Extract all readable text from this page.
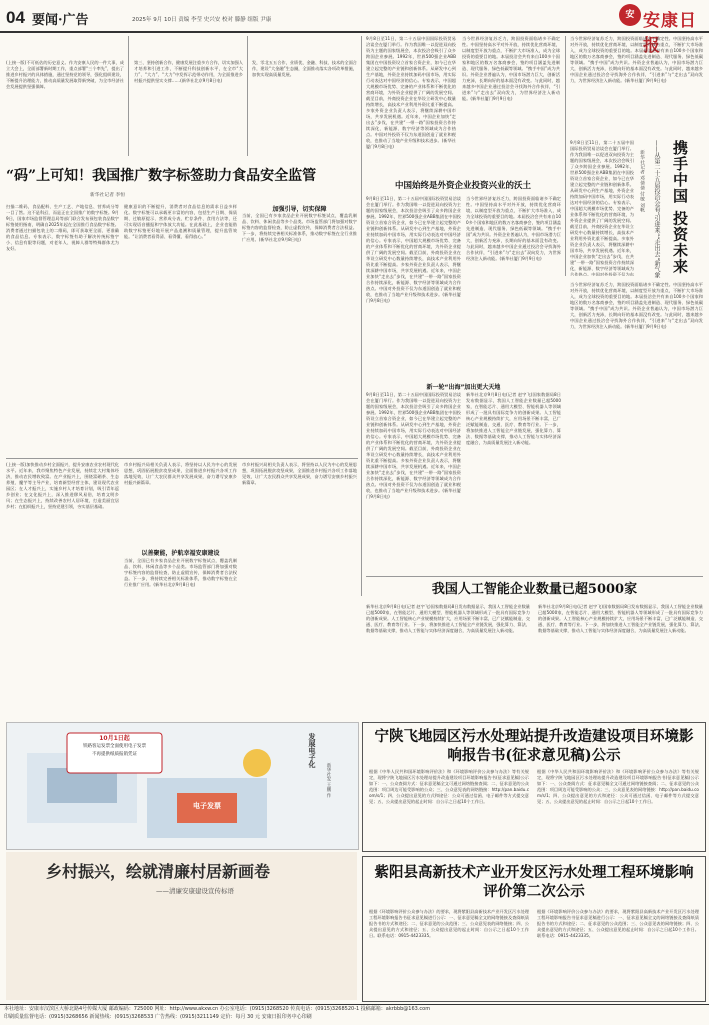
04 要闻·广告	2025年 9月 10日 责编 李莹 史兴安 校对 滕静 组版 尹康	安 安康日报
(上接一版)不可低估的历史意义。作为安康人民的一件大事，成立大会上，全面部署新时期工作，重点部署“三个率先”，提出了推进乡村振兴的具体措施，通过坚持党的领导，强化组织建设，不断提升治理能力，推动高质量发展取得新突破，为全市经济社会发展提供坚强保障。
第三、坚持创新合作，健康发展注重多方合作，切实加强人才培养和引进工作，不断提升科技创新水平，在全市“大力”、“大力”、“大力”中发挥示范带动作用，为全面推进乡村振兴提供坚实支撑……(新华社北京9月8日电)
发，零北五五合作，业绩优、金融、科技、技术的全面合作，建设“大金融”生态圈，全面推动落实各项改革措施，加快实现高质量发展。
“码”上可知！我国推广数字标签助力食品安全监管
新华社记者 李恒
扫描二维码，食品配料、生产工艺、产地信息、营养成分等一目了然。这不是科幻，而是正在全国推广的数字标签。9月9日，国家市场监督管理总局等部门联合发布预包装食品数字标签使用指南，明确自2025年起在全国推行食品数字标签。消费者通过扫描包装上的二维码，即可获取更全面、更准确的食品信息。专家表示，数字标签有助于解决传统标签字小、信息有限等问题，对老年人、视障人群等特殊群体尤为友好。
健康意识的不断提升，消费者对食品信息的需求日益多样化。数字标签可以承载更丰富的内容，包括生产日期、保质期、过敏原提示、营养成分表、贮存条件、食用方法等，还可实现语音播报和字体放大功能。在此基础上，企业也能借助数字标签更好地开展产品追溯和质量管理，提升监管效能。“让消费者看得清、看得懂、看得放心。”
加强引导，切实保障
当前，全国已有多家食品企业开展数字标签试点，覆盖乳制品、饮料、休闲食品等多个品类。市场监管部门将加强对数字标签内容的监督检查，防止虚假宣传，保障消费者合法权益。下一步，将持续完善相关标准体系，推动数字标签在全行业推广应用。(新华社北京9月8日电)
(上接一版)加快推动乡村全面振兴，提升安康农业农村现代化水平。近年来，我市聚焦特色产业发展，持续壮大村集体经济，推动农民增收致富。在产业振兴上，围绕富硒茶、生态养殖、魔芋等主导产业，培育新型经营主体，建设现代农业园区；在人才振兴上，实施乡村人才培育计划，吸引青年返乡创业；在文化振兴上，深入推进移风易俗，培育文明乡风；在生态振兴上，持续改善农村人居环境，打造美丽宜居乡村；在组织振兴上，坚持党建引领，夯实基层基础。
以善聚能，护航幸福安康建设
市乡村振兴局相关负责人表示，将坚持以人民为中心的发展思想，巩固拓展脱贫攻坚成果，全面推进乡村振兴各项工作落地见效，让广大农民群众共享发展成果，奋力谱写安康乡村振兴新篇章。
当前，全国已有多家食品企业开展数字标签试点，覆盖乳制品、饮料、休闲食品等多个品类。市场监管部门将加强对数字标签内容的监督检查，防止虚假宣传，保障消费者合法权益。下一步，将持续完善相关标准体系，推动数字标签在全行业推广应用。(新华社北京9月8日电)
市乡村振兴局相关负责人表示，将坚持以人民为中心的发展思想，巩固拓展脱贫攻坚成果，全面推进乡村振兴各项工作落地见效，让广大农民群众共享发展成果，奋力谱写安康乡村振兴新篇章。
10月1日起
铁路客运发票全面使用电子发票
不再提供纸质报销凭证
电子发票
发展电子化
新华社发 王鹏 作
乡村振兴，绘就清廉村居新画卷
——清廉安康建设宣传标语
9月8日至11日，第二十五届中国国际投资贸易洽谈会在厦门举行。作为我国唯一以促进双向投资为主题的国家级展会，本次投洽会吸引了众多跨国企业参展。1992年，世界500强企业ABB集团在中国投资设立首家合资企业，如今已在华建立起完整的产业链和创新体系。从研发中心到生产基地，外资企业持续加码中国市场，用实际行动表达对中国经济的信心。专家表示，中国超大规模市场优势、完备的产业体系和不断优化的营商环境，为外资企业提供了广阔的发展空间。截至目前，外商投资企业在华设立研发中心数量持续增长，高技术产业利用外资比重不断提高。多家外资企业负责人表示，将继续深耕中国市场，共享发展机遇。近年来，中国企业加快“走出去”步伐，在共建“一带一路”国家投资合作持续深化，新能源、数字经济等领域成为合作热点。中国对外投资不仅为东道国创造了就业和税收，也推动了当地产业升级和技术进步。(新华社厦门9月8日电)
当今世界经济复苏乏力，跨国投资面临诸多不确定性。中国坚持高水平对外开放，持续优化营商环境，以制度型开放为重点，不断扩大市场准入，成为全球投资的重要目的地。本届投洽会共有来自100多个国家和地区的数万名客商参会，签约项目涵盖先进制造、现代服务、绿色低碳等领域。“携手中国”成为共识。外资企业普遍认为，中国市场潜力巨大，创新活力充沛，长期向好的基本面没有改变。与此同时，越来越多中国企业通过投洽会寻找海外合作伙伴，“引进来”与“走出去”双向发力，为世界经济注入新动能。(新华社厦门9月9日电)
中国始终是外资企业投资兴业的沃土
9月8日至11日，第二十五届中国国际投资贸易洽谈会在厦门举行。作为我国唯一以促进双向投资为主题的国家级展会，本次投洽会吸引了众多跨国企业参展。1992年，世界500强企业ABB集团在中国投资设立首家合资企业，如今已在华建立起完整的产业链和创新体系。从研发中心到生产基地，外资企业持续加码中国市场，用实际行动表达对中国经济的信心。专家表示，中国超大规模市场优势、完备的产业体系和不断优化的营商环境，为外资企业提供了广阔的发展空间。截至目前，外商投资企业在华设立研发中心数量持续增长，高技术产业利用外资比重不断提高。多家外资企业负责人表示，将继续深耕中国市场，共享发展机遇。近年来，中国企业加快“走出去”步伐，在共建“一带一路”国家投资合作持续深化，新能源、数字经济等领域成为合作热点。中国对外投资不仅为东道国创造了就业和税收，也推动了当地产业升级和技术进步。(新华社厦门9月8日电)
当今世界经济复苏乏力，跨国投资面临诸多不确定性。中国坚持高水平对外开放，持续优化营商环境，以制度型开放为重点，不断扩大市场准入，成为全球投资的重要目的地。本届投洽会共有来自100多个国家和地区的数万名客商参会，签约项目涵盖先进制造、现代服务、绿色低碳等领域。“携手中国”成为共识。外资企业普遍认为，中国市场潜力巨大，创新活力充沛，长期向好的基本面没有改变。与此同时，越来越多中国企业通过投洽会寻找海外合作伙伴，“引进来”与“走出去”双向发力，为世界经济注入新动能。(新华社厦门9月9日电)
新一轮“出海”加出更大天地
9月8日至11日，第二十五届中国国际投资贸易洽谈会在厦门举行。作为我国唯一以促进双向投资为主题的国家级展会，本次投洽会吸引了众多跨国企业参展。1992年，世界500强企业ABB集团在中国投资设立首家合资企业，如今已在华建立起完整的产业链和创新体系。从研发中心到生产基地，外资企业持续加码中国市场，用实际行动表达对中国经济的信心。专家表示，中国超大规模市场优势、完备的产业体系和不断优化的营商环境，为外资企业提供了广阔的发展空间。截至目前，外商投资企业在华设立研发中心数量持续增长，高技术产业利用外资比重不断提高。多家外资企业负责人表示，将继续深耕中国市场，共享发展机遇。近年来，中国企业加快“走出去”步伐，在共建“一带一路”国家投资合作持续深化，新能源、数字经济等领域成为合作热点。中国对外投资不仅为东道国创造了就业和税收，也推动了当地产业升级和技术进步。(新华社厦门9月8日电)
新华社北京9月8日电(记者 赵宇飞)国家数据局8日发布数据显示，我国人工智能企业数量已超5000家，在智能芯片、通用大模型、智能机器人等领域形成了一批具有国际竞争力的创新成果。人工智能核心产业规模持续扩大，应用场景不断丰富，已广泛赋能制造、交通、医疗、教育等行业。下一步，将加快推进人工智能全产业链发展，强化算力、算法、数据等基础支撑，推动人工智能与实体经济深度融合，为高质量发展注入新动能。
当今世界经济复苏乏力，跨国投资面临诸多不确定性。中国坚持高水平对外开放，持续优化营商环境，以制度型开放为重点，不断扩大市场准入，成为全球投资的重要目的地。本届投洽会共有来自100多个国家和地区的数万名客商参会，签约项目涵盖先进制造、现代服务、绿色低碳等领域。“携手中国”成为共识。外资企业普遍认为，中国市场潜力巨大，创新活力充沛，长期向好的基本面没有改变。与此同时，越来越多中国企业通过投洽会寻找海外合作伙伴，“引进来”与“走出去”双向发力，为世界经济注入新动能。(新华社厦门9月9日电)
携手中国 投资未来
——从第二十五届投洽会看“引进来”“走出去”新气象
新华社记者 邓倩倩 付敏 刘帆
9月8日至11日，第二十五届中国国际投资贸易洽谈会在厦门举行。作为我国唯一以促进双向投资为主题的国家级展会，本次投洽会吸引了众多跨国企业参展。1992年，世界500强企业ABB集团在中国投资设立首家合资企业，如今已在华建立起完整的产业链和创新体系。从研发中心到生产基地，外资企业持续加码中国市场，用实际行动表达对中国经济的信心。专家表示，中国超大规模市场优势、完备的产业体系和不断优化的营商环境，为外资企业提供了广阔的发展空间。截至目前，外商投资企业在华设立研发中心数量持续增长，高技术产业利用外资比重不断提高。多家外资企业负责人表示，将继续深耕中国市场，共享发展机遇。近年来，中国企业加快“走出去”步伐，在共建“一带一路”国家投资合作持续深化，新能源、数字经济等领域成为合作热点。中国对外投资不仅为东
当今世界经济复苏乏力，跨国投资面临诸多不确定性。中国坚持高水平对外开放，持续优化营商环境，以制度型开放为重点，不断扩大市场准入，成为全球投资的重要目的地。本届投洽会共有来自100多个国家和地区的数万名客商参会，签约项目涵盖先进制造、现代服务、绿色低碳等领域。“携手中国”成为共识。外资企业普遍认为，中国市场潜力巨大，创新活力充沛，长期向好的基本面没有改变。与此同时，越来越多中国企业通过投洽会寻找海外合作伙伴，“引进来”与“走出去”双向发力，为世界经济注入新动能。(新华社厦门9月9日电)
我国人工智能企业数量已超5000家
新华社北京9月8日电(记者 赵宇飞)国家数据局8日发布数据显示，我国人工智能企业数量已超5000家，在智能芯片、通用大模型、智能机器人等领域形成了一批具有国际竞争力的创新成果。人工智能核心产业规模持续扩大，应用场景不断丰富，已广泛赋能制造、交通、医疗、教育等行业。下一步，将加快推进人工智能全产业链发展，强化算力、算法、数据等基础支撑，推动人工智能与实体经济深度融合，为高质量发展注入新动能。
新华社北京9月8日电(记者 赵宇飞)国家数据局8日发布数据显示，我国人工智能企业数量已超5000家，在智能芯片、通用大模型、智能机器人等领域形成了一批具有国际竞争力的创新成果。人工智能核心产业规模持续扩大，应用场景不断丰富，已广泛赋能制造、交通、医疗、教育等行业。下一步，将加快推进人工智能全产业链发展，强化算力、算法、数据等基础支撑，推动人工智能与实体经济深度融合，为高质量发展注入新动能。
宁陕飞地园区污水处理站提升改造建设项目环境影响报告书(征求意见稿)公示
根据《中华人民共和国环境影响评价法》和《环境影响评价公众参与办法》等有关规定，现将宁陕飞地园区污水处理站提升改造建设项目环境影响报告书(征求意见稿)公示如下：一、公众查阅方式：征求意见稿全文可通过网络链接查阅；二、征求意见的公众范围：项目周边可能受影响的公众；三、公众意见表的网络链接：http://pan.baidu.com/s/1；四、公众提出意见的方式和途径：公众可通过信函、电子邮件等方式提交意见；五、公众提出意见的起止时间：自公示之日起10个工作日。
根据《中华人民共和国环境影响评价法》和《环境影响评价公众参与办法》等有关规定，现将宁陕飞地园区污水处理站提升改造建设项目环境影响报告书(征求意见稿)公示如下：一、公众查阅方式：征求意见稿全文可通过网络链接查阅；二、征求意见的公众范围：项目周边可能受影响的公众；三、公众意见表的网络链接：http://pan.baidu.com/s/1；四、公众提出意见的方式和途径：公众可通过信函、电子邮件等方式提交意见；五、公众提出意见的起止时间：自公示之日起10个工作日。
紫阳县高新技术产业开发区污水处理工程环境影响评价第二次公示
根据《环境影响评价公众参与办法》的要求，现将紫阳县高新技术产业开发区污水处理工程环境影响报告书征求意见稿进行公示：一、征求意见稿全文的网络链接及查阅纸质报告书的方式和途径；二、征求意见的公众范围；三、公众意见表的网络链接；四、公众提出意见的方式和途径；五、公众提出意见的起止时间：自公示之日起10个工作日。联系电话：0915-4423335。
根据《环境影响评价公众参与办法》的要求，现将紫阳县高新技术产业开发区污水处理工程环境影响报告书征求意见稿进行公示：一、征求意见稿全文的网络链接及查阅纸质报告书的方式和途径；二、征求意见的公众范围；三、公众意见表的网络链接；四、公众提出意见的方式和途径；五、公众提出意见的起止时间：自公示之日起10个工作日。联系电话：0915-4423335。
本社地址：安康市汉滨区大桥北路4号传媒大厦 邮政编码：725000 网址：http://www.akxw.cn 办公室电话：(0915)3268520 传真电话：(0915)3268520-1 投稿邮箱：akrbbb@163.com
印刷质量监督电话：(0915)3268656 新闻热线：(0915)3268533 广告热线：(0915)3211149 定价：每月 30 元 安康日报印务中心印刷
